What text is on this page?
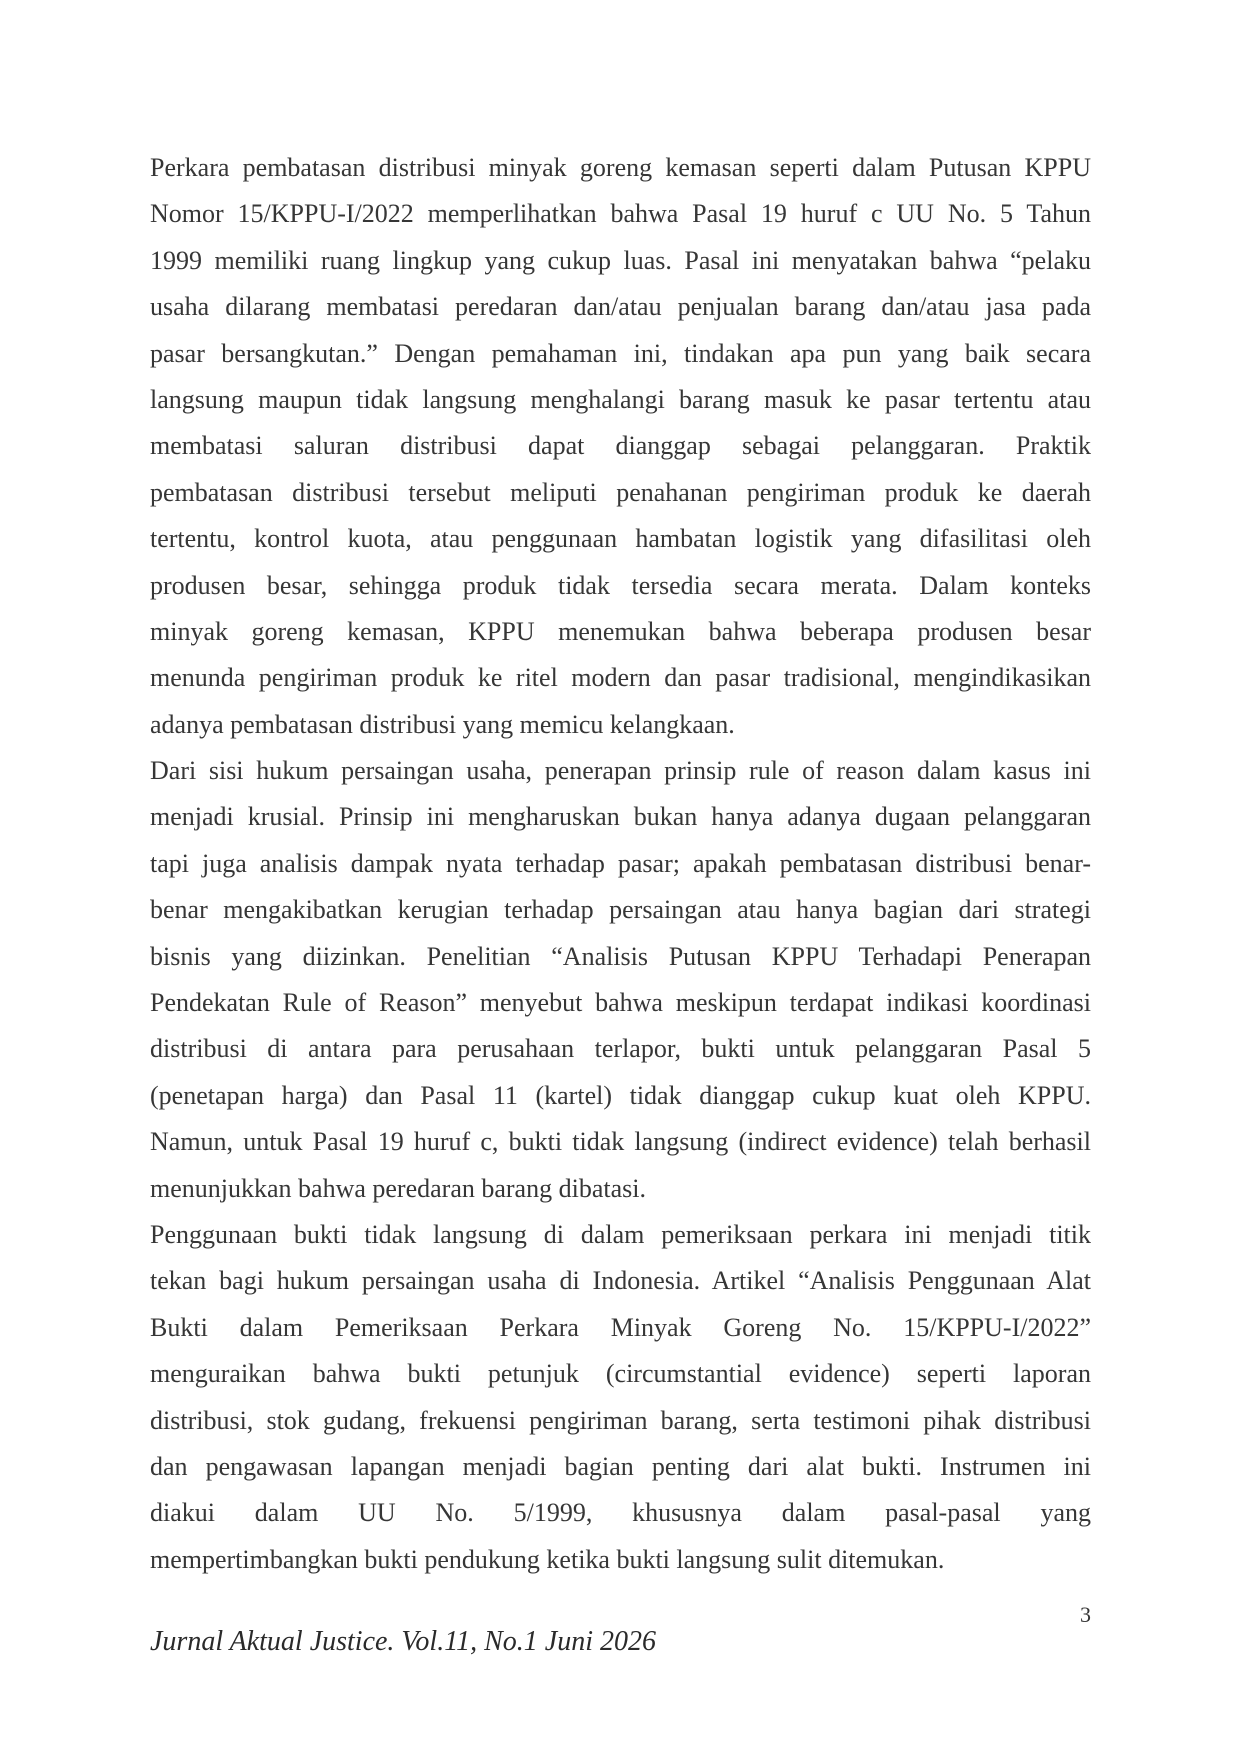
Perkara pembatasan distribusi minyak goreng kemasan seperti dalam Putusan KPPU
Nomor 15/KPPU-I/2022 memperlihatkan bahwa Pasal 19 huruf c UU No. 5 Tahun
1999 memiliki ruang lingkup yang cukup luas. Pasal ini menyatakan bahwa “pelaku
usaha dilarang membatasi peredaran dan/atau penjualan barang dan/atau jasa pada
pasar bersangkutan.” Dengan pemahaman ini, tindakan apa pun yang baik secara
langsung maupun tidak langsung menghalangi barang masuk ke pasar tertentu atau
membatasi saluran distribusi dapat dianggap sebagai pelanggaran. Praktik
pembatasan distribusi tersebut meliputi penahanan pengiriman produk ke daerah
tertentu, kontrol kuota, atau penggunaan hambatan logistik yang difasilitasi oleh
produsen besar, sehingga produk tidak tersedia secara merata. Dalam konteks
minyak goreng kemasan, KPPU menemukan bahwa beberapa produsen besar
menunda pengiriman produk ke ritel modern dan pasar tradisional, mengindikasikan
adanya pembatasan distribusi yang memicu kelangkaan.
Dari sisi hukum persaingan usaha, penerapan prinsip rule of reason dalam kasus ini
menjadi krusial. Prinsip ini mengharuskan bukan hanya adanya dugaan pelanggaran
tapi juga analisis dampak nyata terhadap pasar; apakah pembatasan distribusi benar-
benar mengakibatkan kerugian terhadap persaingan atau hanya bagian dari strategi
bisnis yang diizinkan. Penelitian “Analisis Putusan KPPU Terhadapi Penerapan
Pendekatan Rule of Reason” menyebut bahwa meskipun terdapat indikasi koordinasi
distribusi di antara para perusahaan terlapor, bukti untuk pelanggaran Pasal 5
(penetapan harga) dan Pasal 11 (kartel) tidak dianggap cukup kuat oleh KPPU.
Namun, untuk Pasal 19 huruf c, bukti tidak langsung (indirect evidence) telah berhasil
menunjukkan bahwa peredaran barang dibatasi.
Penggunaan bukti tidak langsung di dalam pemeriksaan perkara ini menjadi titik
tekan bagi hukum persaingan usaha di Indonesia. Artikel “Analisis Penggunaan Alat
Bukti dalam Pemeriksaan Perkara Minyak Goreng No. 15/KPPU-I/2022”
menguraikan bahwa bukti petunjuk (circumstantial evidence) seperti laporan
distribusi, stok gudang, frekuensi pengiriman barang, serta testimoni pihak distribusi
dan pengawasan lapangan menjadi bagian penting dari alat bukti. Instrumen ini
diakui dalam UU No. 5/1999, khususnya dalam pasal-pasal yang
mempertimbangkan bukti pendukung ketika bukti langsung sulit ditemukan.
3
Jurnal Aktual Justice. Vol.11, No.1 Juni 2026
